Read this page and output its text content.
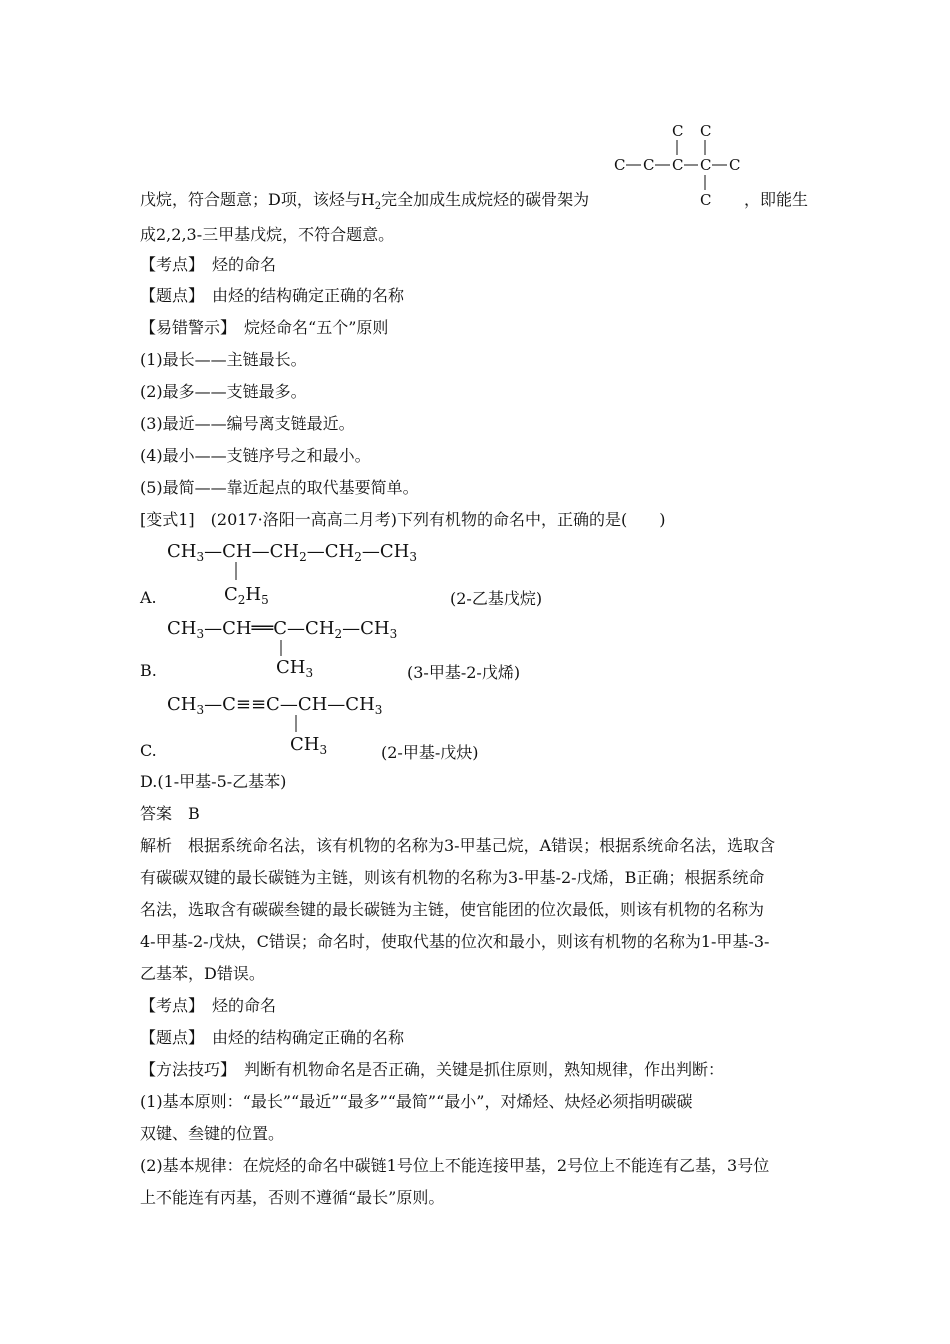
C C
C C C C C
C
戊烷，符合题意；D项，该烃与$H_2$完全加成生成烷烃的碳骨架为	，即能生
成2,2,3-三甲基戊烷，不符合题意。
【考点】　 烃的命名
【题点】　 由烃的结构确定正确的名称
【易错警示】  烷烃命名“五个”原则
(1)最长——主链最长。
(2)最多——支链最多。
(3)最近——编号离支链最近。
(4)最小——支链序号之和最小。
(5)最简——靠近起点的取代基要简单。
[变式1]　(2017·洛阳一高高二月考)下列有机物的命名中，正确的是(　　)
$CH_3—CH—CH_2—CH_2—CH_3$
$C_2H_5$
$CH_3—CH══C—CH_2—CH_3$
$CH_3$
$CH_3—C\equiv\equiv C—CH—CH_3$
$CH_3$
A.	(2-乙基戊烷)
B.	(3-甲基-2-戊烯)
C.	(2-甲基-戊炔)
D.(1-甲基-5-乙基苯)
答案　B
解析　根据系统命名法，该有机物的名称为3-甲基己烷，A错误；根据系统命名法，选取含
有碳碳双键的最长碳链为主链，则该有机物的名称为3-甲基-2-戊烯，B正确；根据系统命
名法，选取含有碳碳叁键的最长碳链为主链，使官能团的位次最低，则该有机物的名称为
4-甲基-2-戊炔，C错误；命名时，使取代基的位次和最小，则该有机物的名称为1-甲基-3-
乙基苯，D错误。
【考点】　 烃的命名
【题点】　 由烃的结构确定正确的名称
【方法技巧】  判断有机物命名是否正确，关键是抓住原则，熟知规律，作出判断：
(1)基本原则：“最长”“最近”“最多”“最简”“最小”，对烯烃、炔烃必须指明碳碳
双键、叁键的位置。
(2)基本规律：在烷烃的命名中碳链1号位上不能连接甲基，2号位上不能连有乙基，3号位
上不能连有丙基，否则不遵循“最长”原则。
